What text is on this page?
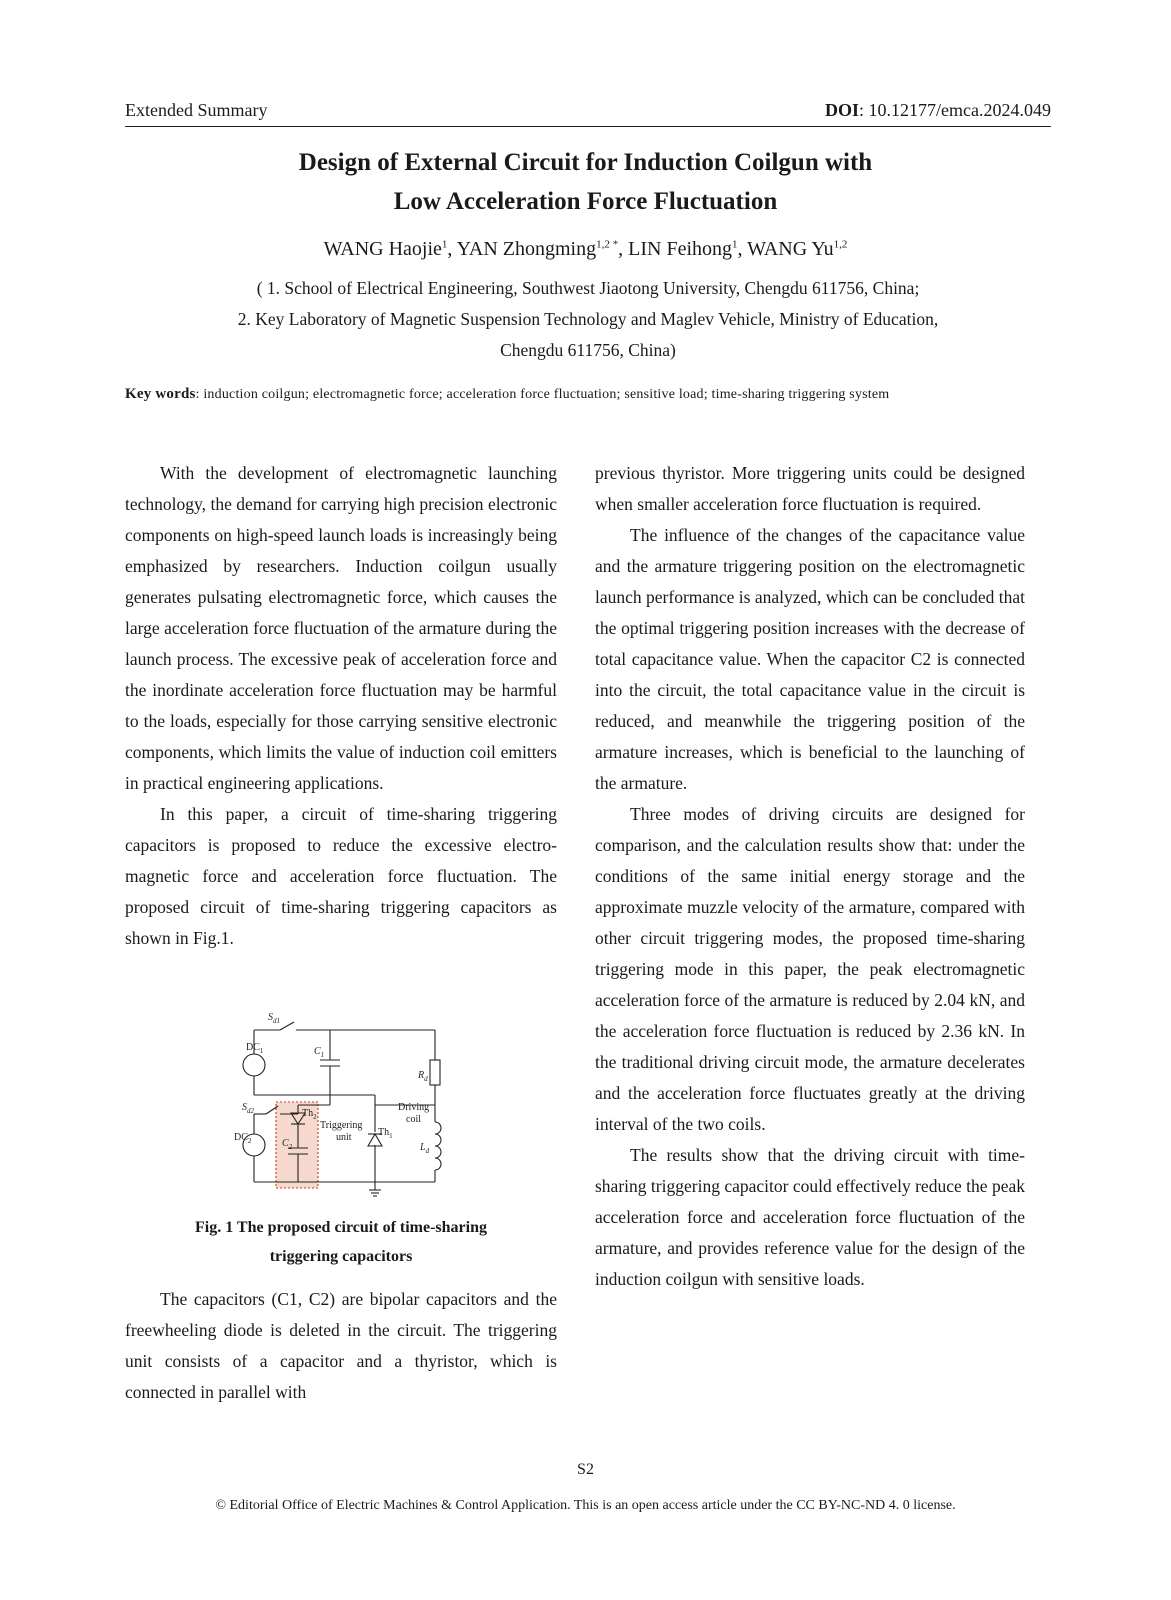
Extended Summary	DOI: 10.12177/emca.2024.049
Design of External Circuit for Induction Coilgun with
Low Acceleration Force Fluctuation
WANG Haojie$^1$, YAN Zhongming$^{1,2 *}$, LIN Feihong$^1$, WANG Yu$^{1,2}$
( 1. School of Electrical Engineering, Southwest Jiaotong University, Chengdu 611756, China;
2. Key Laboratory of Magnetic Suspension Technology and Maglev Vehicle, Ministry of Education,
Chengdu 611756, China)
Key words: induction coilgun; electromagnetic force; acceleration force fluctuation; sensitive load; time-sharing triggering system

With the development of electromagnetic launching technology, the demand for carrying high precision electronic components on high-speed launch loads is increasingly being emphasized by researchers. Induction coilgun usually generates pulsating electromagnetic force, which causes the large acceleration force fluctuation of the armature during the launch process. The excessive peak of acceleration force and the inordinate acceleration force fluctuation may be harmful to the loads, especially for those carrying sensitive electronic components, which limits the value of induction coil emitters in practical engineering applications.

In this paper, a circuit of time-sharing triggering capacitors is proposed to reduce the excessive electro-magnetic force and acceleration force fluctuation. The proposed circuit of time-sharing triggering capacitors as shown in Fig.1.

$DC_1$
$S_{d1}$
$C_1$
$R_d$
$S_{d2}$
$DC_2$
$Th_2$
$C_2$
Triggering
unit	$Th_1$
Driving
coil
$L_d$
Fig. 1 The proposed circuit of time-sharing
triggering capacitors

The capacitors (C1, C2) are bipolar capacitors and the freewheeling diode is deleted in the circuit. The triggering unit consists of a capacitor and a thyristor, which is connected in parallel with

previous thyristor. More triggering units could be designed when smaller acceleration force fluctuation is required.

The influence of the changes of the capacitance value and the armature triggering position on the electromagnetic launch performance is analyzed, which can be concluded that the optimal triggering position increases with the decrease of total capacitance value. When the capacitor C2 is connected into the circuit, the total capacitance value in the circuit is reduced, and meanwhile the triggering position of the armature increases, which is beneficial to the launching of the armature.

Three modes of driving circuits are designed for comparison, and the calculation results show that: under the conditions of the same initial energy storage and the approximate muzzle velocity of the armature, compared with other circuit triggering modes, the proposed time-sharing triggering mode in this paper, the peak electromagnetic acceleration force of the armature is reduced by 2.04 kN, and the acceleration force fluctuation is reduced by 2.36 kN. In the traditional driving circuit mode, the armature decelerates and the acceleration force fluctuates greatly at the driving interval of the two coils.

The results show that the driving circuit with time-sharing triggering capacitor could effectively reduce the peak acceleration force and acceleration force fluctuation of the armature, and provides reference value for the design of the induction coilgun with sensitive loads.

S2
© Editorial Office of Electric Machines & Control Application. This is an open access article under the CC BY-NC-ND 4. 0 license.
